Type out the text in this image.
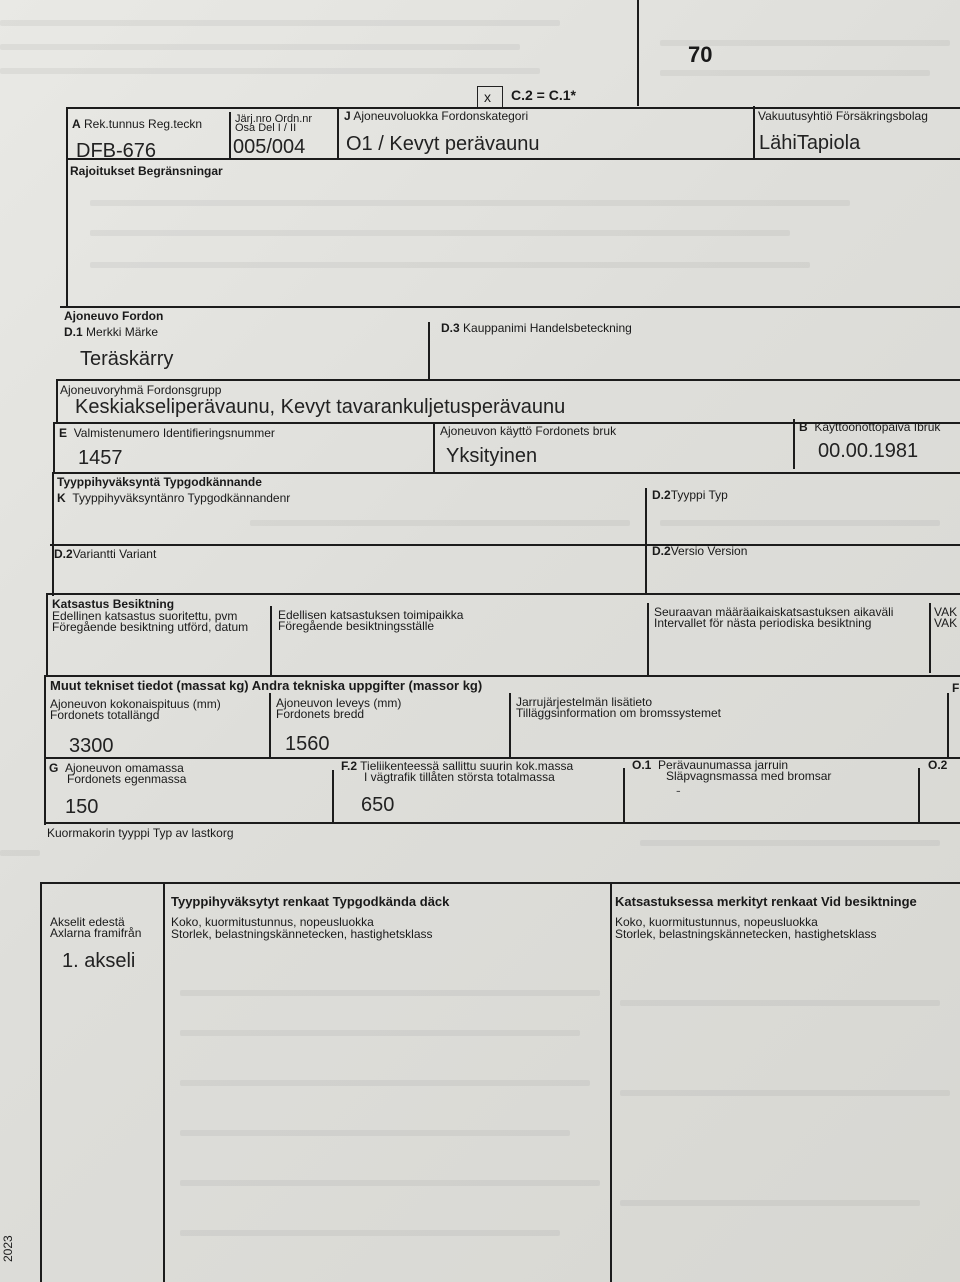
70
x C.2 = C.1*
2023
A Rek.tunnus Reg.teckn
DFB-676
Järj.nro Ordn.nr
Osa Del I / II
005/004
J Ajoneuvoluokka Fordonskategori
O1 / Kevyt perävaunu
Vakuutusyhtiö Försäkringsbolag
LähiTapiola
Rajoitukset Begränsningar
Ajoneuvo Fordon
D.1 Merkki Märke
Teräskärry
D.3 Kauppanimi Handelsbeteckning
Ajoneuvoryhmä Fordonsgrupp
Keskiakseliperävaunu, Kevyt tavarankuljetusperävaunu
E Valmistenumero Identifieringsnummer
1457
Ajoneuvon käyttö Fordonets bruk
Yksityinen
B Käyttöönottopäivä Ibruk
00.00.1981
Tyyppihyväksyntä Typgodkännande
K Tyyppihyväksyntänro Typgodkännandenr	D.2Tyyppi Typ
D.2Variantti Variant	D.2Versio Version
Katsastus Besiktning
Edellinen katsastus suoritettu, pvm
Föregående besiktning utförd, datum
Edellisen katsastuksen toimipaikka
Föregående besiktningsställe
Seuraavan määräaikaiskatsastuksen aikaväli
Intervallet för nästa periodiska besiktning
VAK
VAK
Muut tekniset tiedot (massat kg) Andra tekniska uppgifter (massor kg)	F
Ajoneuvon kokonaispituus (mm)
Fordonets totallängd
3300
Ajoneuvon leveys (mm)
Fordonets bredd
1560
Jarrujärjestelmän lisätieto
Tilläggsinformation om bromssystemet
G Ajoneuvon omamassa
Fordonets egenmassa
150
F.2 Tieliikenteessä sallittu suurin kok.massa
I vägtrafik tillåten största totalmassa
650
O.1 Perävaunumassa jarruin
Släpvagnsmassa med bromsar
-
O.2
Kuormakorin tyyppi Typ av lastkorg
Akselit edestä
Axlarna framifrån
1. akseli
Tyyppihyväksytyt renkaat Typgodkända däck
Koko, kuormitustunnus, nopeusluokka
Storlek, belastningskännetecken, hastighetsklass
Katsastuksessa merkityt renkaat Vid besiktninge
Koko, kuormitustunnus, nopeusluokka
Storlek, belastningskännetecken, hastighetsklass
